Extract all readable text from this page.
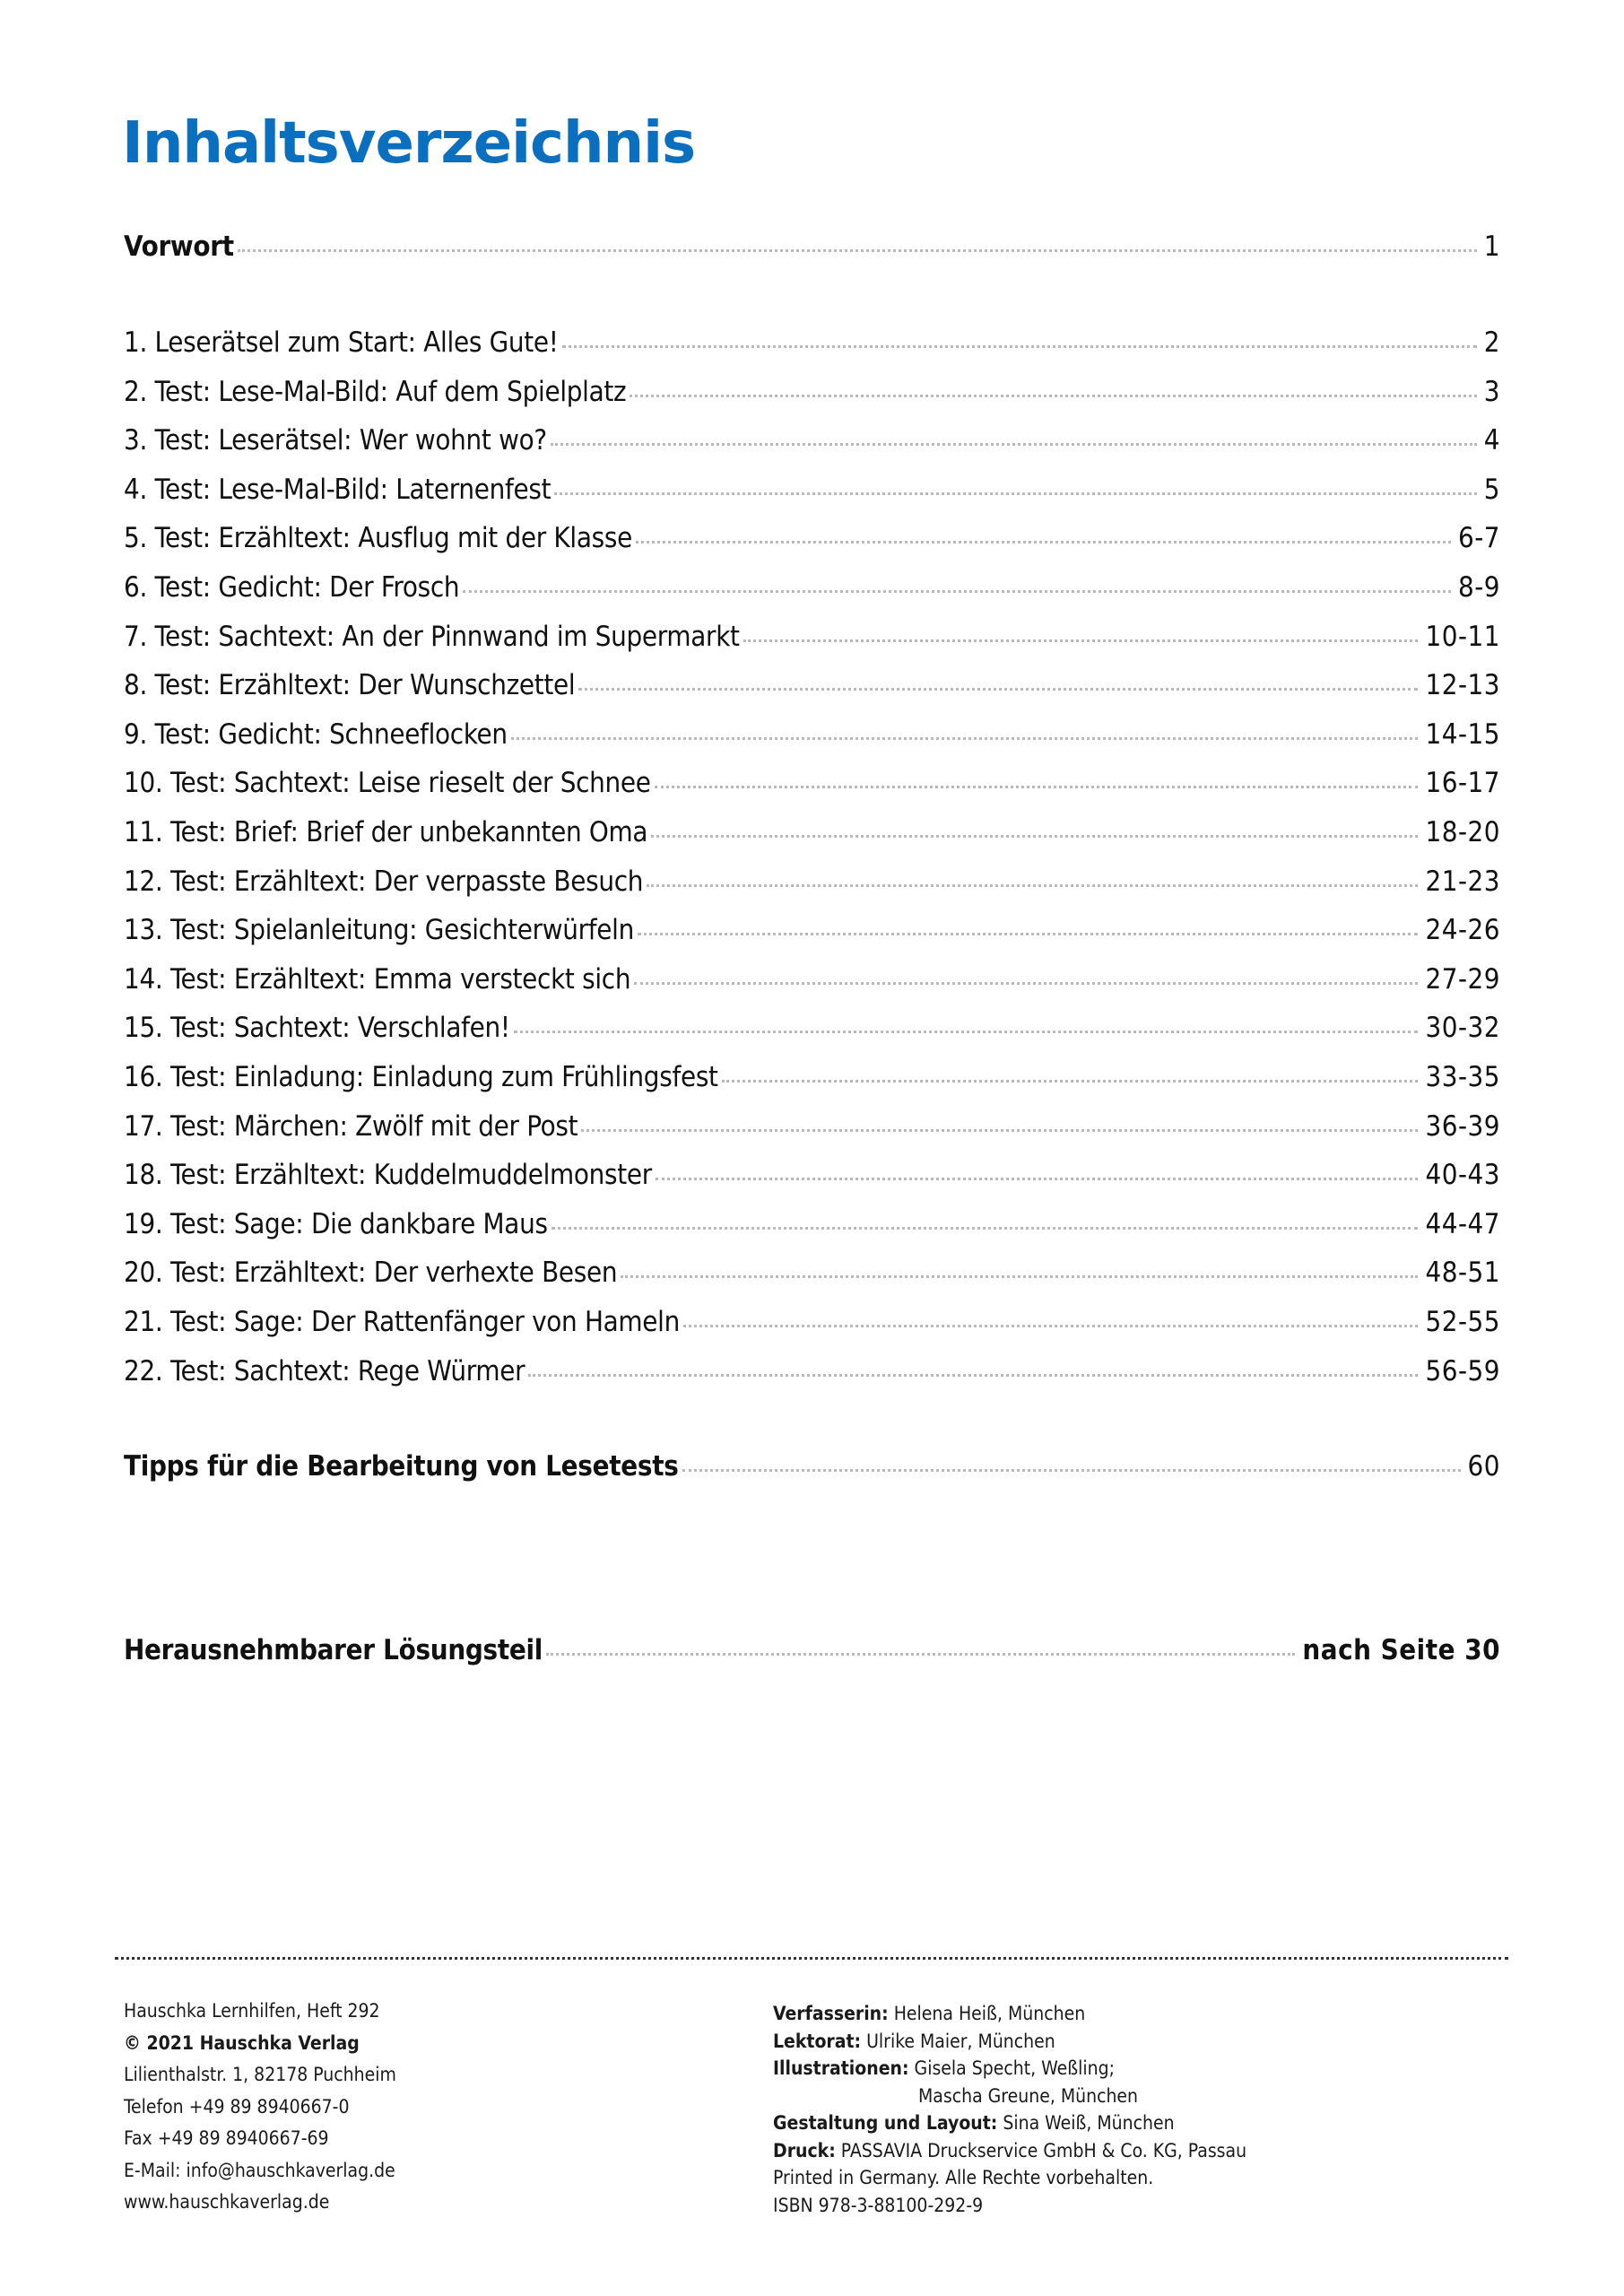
Inhaltsverzeichnis
Vorwort	1
1. Leserätsel zum Start: Alles Gute!	2
2. Test: Lese-Mal-Bild: Auf dem Spielplatz	3
3. Test: Leserätsel: Wer wohnt wo?	4
4. Test: Lese-Mal-Bild: Laternenfest	5
5. Test: Erzähltext: Ausflug mit der Klasse	6-7
6. Test: Gedicht: Der Frosch	8-9
7. Test: Sachtext: An der Pinnwand im Supermarkt	10-11
8. Test: Erzähltext: Der Wunschzettel	12-13
9. Test: Gedicht: Schneeflocken	14-15
10. Test: Sachtext: Leise rieselt der Schnee	16-17
11. Test: Brief: Brief der unbekannten Oma	18-20
12. Test: Erzähltext: Der verpasste Besuch	21-23
13. Test: Spielanleitung: Gesichterwürfeln	24-26
14. Test: Erzähltext: Emma versteckt sich	27-29
15. Test: Sachtext: Verschlafen!	30-32
16. Test: Einladung: Einladung zum Frühlingsfest	33-35
17. Test: Märchen: Zwölf mit der Post	36-39
18. Test: Erzähltext: Kuddelmuddelmonster	40-43
19. Test: Sage: Die dankbare Maus	44-47
20. Test: Erzähltext: Der verhexte Besen	48-51
21. Test: Sage: Der Rattenfänger von Hameln	52-55
22. Test: Sachtext: Rege Würmer	56-59
Tipps für die Bearbeitung von Lesetests	60
Herausnehmbarer Lösungsteil	nach Seite 30
Hauschka Lernhilfen, Heft 292
© 2021 Hauschka Verlag
Lilienthalstr. 1, 82178 Puchheim
Telefon +49 89 8940667-0
Fax +49 89 8940667-69
E-Mail: info@hauschkaverlag.de
www.hauschkaverlag.de
Verfasserin: Helena Heiß, München
Lektorat: Ulrike Maier, München
Illustrationen: Gisela Specht, Weßling;
Mascha Greune, München
Gestaltung und Layout: Sina Weiß, München
Druck: PASSAVIA Druckservice GmbH & Co. KG, Passau
Printed in Germany. Alle Rechte vorbehalten.
ISBN 978-3-88100-292-9
